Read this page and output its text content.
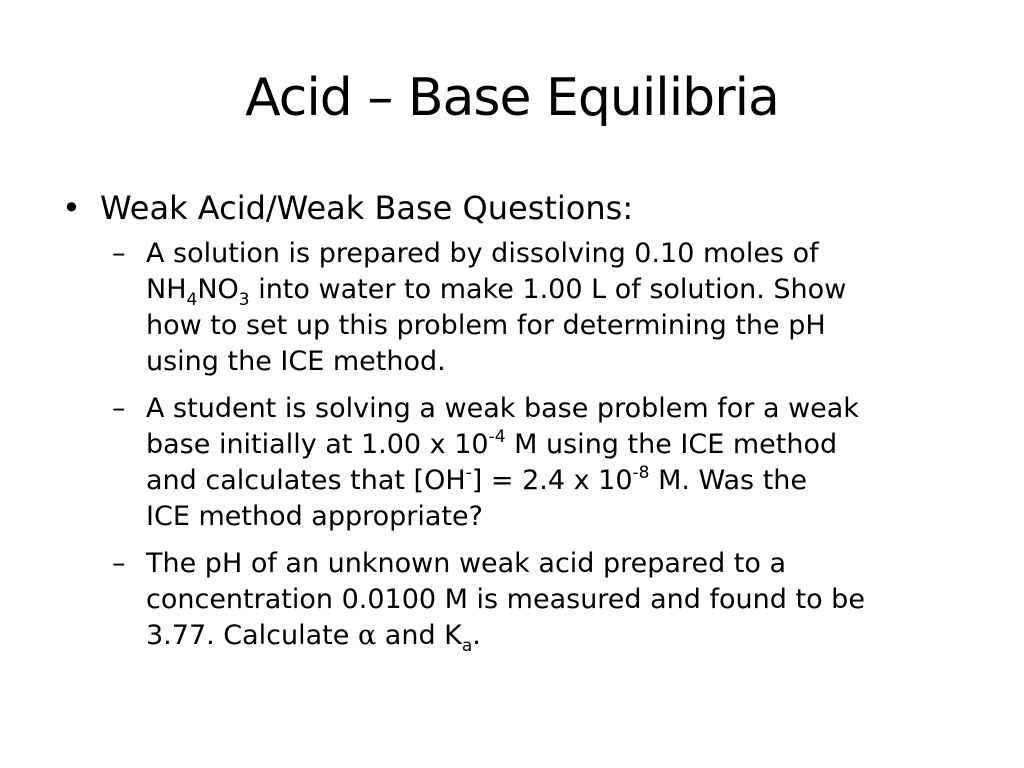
Acid – Base Equilibria
• Weak Acid/Weak Base Questions:
– A solution is prepared by dissolving 0.10 moles of
$NH_4NO_3$ into water to make 1.00 L of solution. Show
how to set up this problem for determining the pH
using the ICE method.
– A student is solving a weak base problem for a weak
base initially at 1.00 x $10^{-4}$ M using the ICE method
and calculates that [OH-] = 2.4 x $10^{-8}$ M. Was the
ICE method appropriate?
– The pH of an unknown weak acid prepared to a
concentration 0.0100 M is measured and found to be
3.77. Calculate α and $K_a$.
